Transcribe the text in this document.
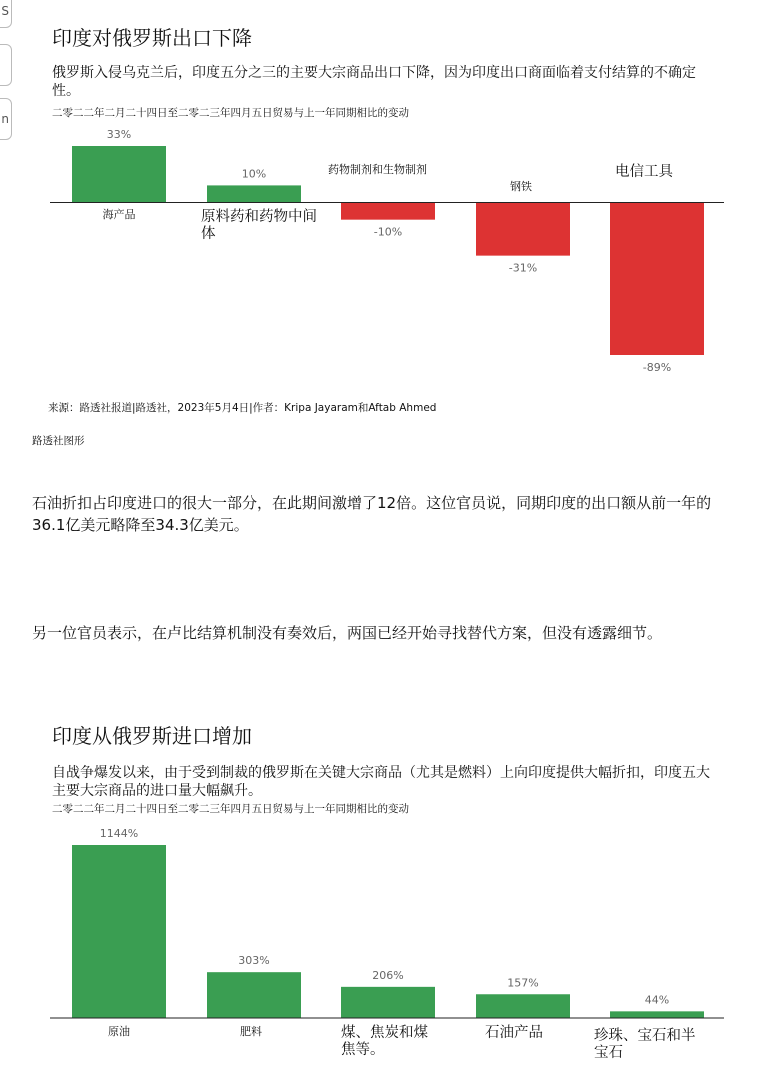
S
n
印度对俄罗斯出口下降
俄罗斯入侵乌克兰后，印度五分之三的主要大宗商品出口下降，因为印度出口商面临着支付结算的不确定性。
二零二二年二月二十四日至二零二三年四月五日贸易与上一年同期相比的变动
33%
海产品
10%
原料药和药物中间体	-10%
药物制剂和生物制剂
-31%
钢铁
-89%
电信工具
来源：路透社报道|路透社，2023年5月4日|作者：Kripa Jayaram和Aftab Ahmed
路透社图形
石油折扣占印度进口的很大一部分，在此期间激增了12倍。这位官员说，同期印度的出口额从前一年的36.1亿美元略降至34.3亿美元。
另一位官员表示，在卢比结算机制没有奏效后，两国已经开始寻找替代方案，但没有透露细节。
印度从俄罗斯进口增加
自战争爆发以来，由于受到制裁的俄罗斯在关键大宗商品（尤其是燃料）上向印度提供大幅折扣，印度五大主要大宗商品的进口量大幅飙升。
二零二二年二月二十四日至二零二三年四月五日贸易与上一年同期相比的变动
1144%
原油
303%
肥料
206%
煤、焦炭和煤焦等。
157%
石油产品
44%
珍珠、宝石和半宝石
